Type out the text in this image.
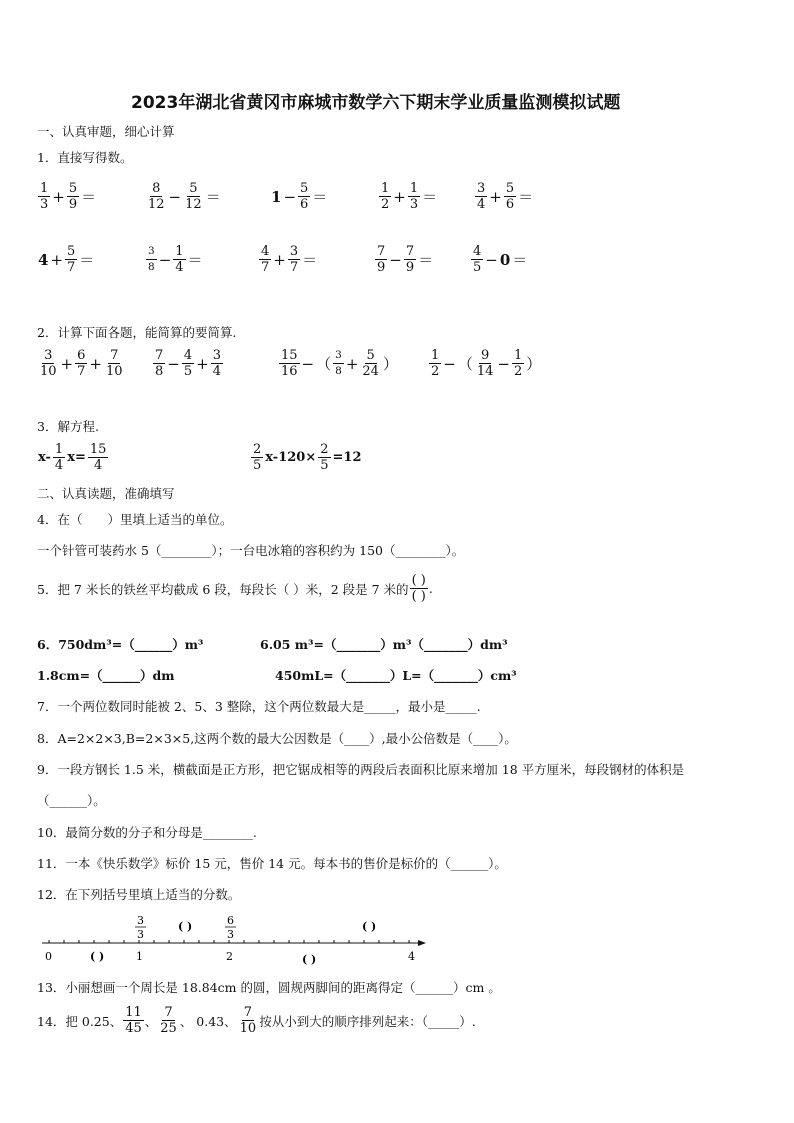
2023年湖北省黄冈市麻城市数学六下期末学业质量监测模拟试题
一、认真审题，细心计算
1．直接写得数。
$\frac{1}{3} + \frac{5}{9}$ ＝	$\frac{8}{12} - \frac{5}{12}$ ＝	$1 - \frac{5}{6}$ ＝	$\frac{1}{2} + \frac{1}{3}$ ＝	$\frac{3}{4} + \frac{5}{6}$ ＝
$4 + \frac{5}{7}$ ＝	$\frac{3}{8} - \frac{1}{4}$ ＝	$\frac{4}{7} + \frac{3}{7}$ ＝	$\frac{7}{9} - \frac{7}{9}$ ＝	$\frac{4}{5} - 0$ ＝
2．计算下面各题，能简算的要简算.
$\frac{3}{10} + \frac{6}{7} + \frac{7}{10} \frac{7}{8} - \frac{4}{5} + \frac{3}{4}$	$\frac{15}{16}$ − （ $\frac{3}{8} + \frac{5}{24}$ ） $\frac{1}{2}$ − （ $\frac{9}{14} - \frac{1}{2}$ ）
3．解方程.
$x- \frac{1}{4} x= \frac{15}{4}$	$\frac{2}{5} x-120\times \frac{2}{5} =12$
二、认真读题，准确填写
4．在（　　）里填上适当的单位。
一个针管可装药水 5（________）；一台电冰箱的容积约为 150（________）。
5．把 7 米长的铁丝平均截成 6 段，每段长（ ）米，2 段是 7 米的 $\frac{( )}{( )}$ .
6．750dm³=（______）m³	6.05 m³=（_______）m³（_______）dm³
1.8cm=（______）dm	450mL=（_______）L=（_______）cm³
7．一个两位数同时能被 2、5、3 整除，这个两位数最大是_____，最小是_____.
8．A=2×2×3,B=2×3×5,这两个数的最大公因数是（____）,最小公倍数是（____）。
9．一段方钢长 1.5 米，横截面是正方形，把它锯成相等的两段后表面积比原来增加 18 平方厘米，每段钢材的体积是
（______）。
10．最简分数的分子和分母是________.
11．一本《快乐数学》标价 15 元，售价 14 元。每本书的售价是标价的（______）。
12．在下列括号里填上适当的分数。
0	1	2	4
3
3
6
3
( )	( )
( )	( )
13．小丽想画一个周长是 18.84cm 的圆，圆规两脚间的距离得定（______）cm 。
14．把 0.25、 $\frac{11}{45}$ 、 $\frac{7}{25}$ 、 0.43、 $\frac{7}{10}$ 按从小到大的顺序排列起来：（_____）.
